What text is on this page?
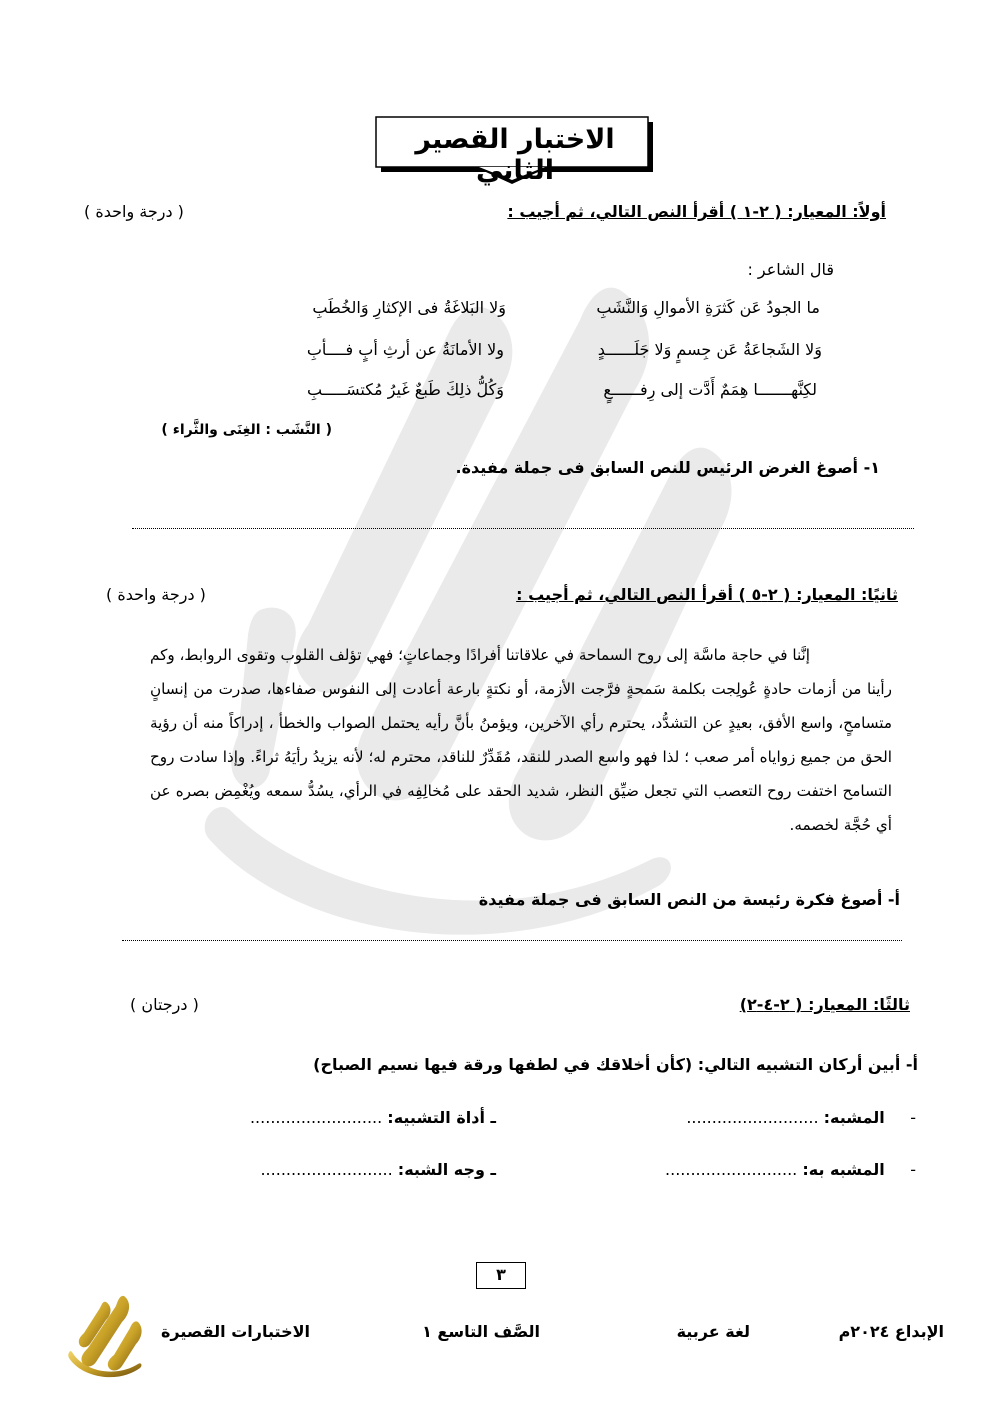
الاختبار القصير الثاني
أولاً: المعيار: ( ٢-١ ) أقرأ النص التالي، ثم أجيب :
( درجة واحدة )
قال الشاعر :
ما الجودُ عَن كَثرَةِ الأموالِ وَالنَّشَبِ
وَلا البَلاغَةُ فى الإكثارِ وَالخُطَبِ
وَلا الشَجاعَةُ عَن جِسمٍ وَلا جَلَــــــدٍ
ولا الأمانَةُ عن أرثِ أبٍ فــــأبِ
لكِنَّهـــــــا هِمَمٌ أَدَّت إلى رِفــــــعٍ
وَكُلُّ ذلِكَ طَبعٌ غَيرُ مُكتسَـــــبِ
( النَّشَب : الغِنَى والثَّراء )
١- أصوغ الغرض الرئيس للنص السابق فى جملة مفيدة.
ثانيًا: المعيار: ( ٢-٥ ) أقرأ النص التالي، ثم أجيب :
( درجة واحدة )
إنَّنا في حاجة ماسَّة إلى روح السماحة في علاقاتنا أفرادًا وجماعاتٍ؛ فهي تؤلف القلوب وتقوى الروابط، وكم رأينا من أزمات حادةٍ عُولِجت بكلمة سَمحةٍ فرَّجت الأزمة، أو نكتةٍ بارعة أعادت إلى النفوس صفاءها، صدرت من إنسانٍ متسامحٍ، واسع الأفق، بعيدٍ عن التشدُّد، يحترم رأي الآخرين، ويؤمنُ بأنَّ رأيه يحتمل الصواب والخطأ ، إدراكاً منه أن رؤية الحق من جميع زواياه أمر صعب ؛ لذا فهو واسع الصدر للنقد، مُقَدِّرٌ للناقد، محترم له؛ لأنه يزيدُ رأيَهُ ثراءً. وإذا سادت روح التسامح اختفت روح التعصب التي تجعل ضيِّق النظر، شديد الحقد على مُخالِفِه في الرأي، يسُدُّ سمعه ويُغْمِض بصره عن أي حُجَّة لخصمه.
أ- أصوغ فكرة رئيسة من النص السابق فى جملة مفيدة
ثالثًا: المعيار: ( ٢-٤-٢)
( درجتان )
أ- أبين أركان التشبيه التالي: (كأن أخلاقك في لطفها ورقة فيها نسيم الصباح)
-     المشبه: ..........................
ـ أداة التشبيه: ..........................
-     المشبه به: ..........................
ـ وجه الشبه: ..........................
٣
الإبداع ٢٠٢٤م
لغة عربية
الصَّف التاسع ١
الاختبارات القصيرة
